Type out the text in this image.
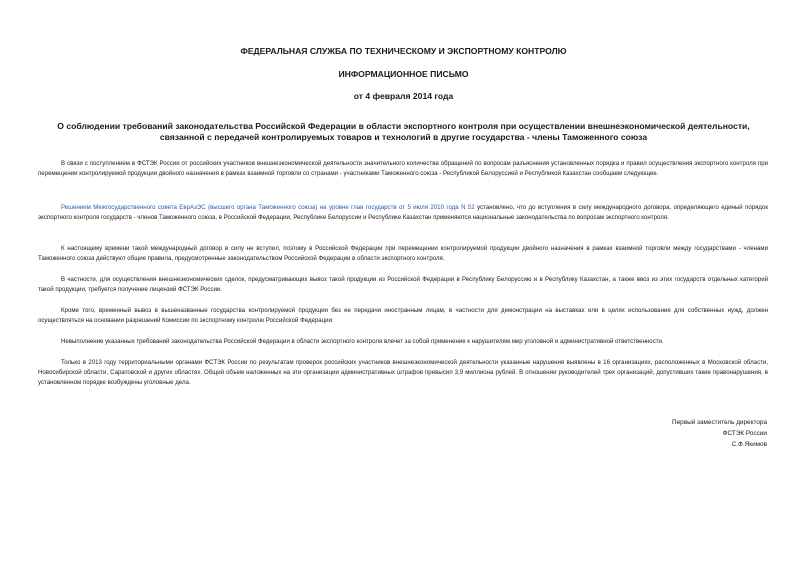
ФЕДЕРАЛЬНАЯ СЛУЖБА ПО ТЕХНИЧЕСКОМУ И ЭКСПОРТНОМУ КОНТРОЛЮ
ИНФОРМАЦИОННОЕ ПИСЬМО
от 4 февраля 2014 года
О соблюдении требований законодательства Российской Федерации в области экспортного контроля при осуществлении внешнеэкономической деятельности,
связанной с передачей контролируемых товаров и технологий в другие государства - члены Таможенного союза

В связи с поступлением в ФСТЭК России от российских участников внешнеэкономической деятельности значительного количества обращений по вопросам разъяснения установленных порядка и правил осуществления экспортного контроля при перемещении контролируемой продукции двойного назначения в рамках взаимной торговли со странами - участниками Таможенного союза - Республикой Белоруссией и Республикой Казахстан сообщаем следующее.

Решением Межгосударственного совета ЕврАзЭС (высшего органа Таможенного союза) на уровне глав государств от 5 июля 2010 года N 52 установлено, что до вступления в силу международного договора, определяющего единый порядок экспортного контроля государств - членов Таможенного союза, в Российской Федерации, Республике Белоруссии и Республике Казахстан применяются национальные законодательства по вопросам экспортного контроля.

К настоящему времени такой международный договор в силу не вступил, поэтому в Российской Федерации при перемещении контролируемой продукции двойного назначения в рамках взаимной торговли между государствами - членами Таможенного союза действуют общие правила, предусмотренные законодательством Российской Федерации в области экспортного контроля.

В частности, для осуществления внешнеэкономических сделок, предусматривающих вывоз такой продукции из Российской Федерации в Республику Белоруссию и в Республику Казахстан, а также ввоз из этих государств отдельных категорий такой продукции, требуется получение лицензий ФСТЭК России.

Кроме того, временный вывоз в вышеназванные государства контролируемой продукции без ее передачи иностранным лицам, в частности для демонстрации на выставках или в целях использования для собственных нужд, должен осуществляться на основании разрешений Комиссии по экспортному контролю Российской Федерации.

Невыполнение указанных требований законодательства Российской Федерации в области экспортного контроля влечет за собой применение к нарушителям мер уголовной и административной ответственности.

Только в 2013 году территориальными органами ФСТЭК России по результатам проверок российских участников внешнеэкономической деятельности указанные нарушения выявлены в 16 организациях, расположенных в Московской области, Новосибирской области, Саратовской и других областях. Общий объем наложенных на эти организации административных штрафов превысил 3,9 миллиона рублей. В отношении руководителей трех организаций, допустивших такие правонарушения, в установленном порядке возбуждены уголовные дела.

Первый заместитель директора
ФСТЭК России
С.Ф.Якимов
